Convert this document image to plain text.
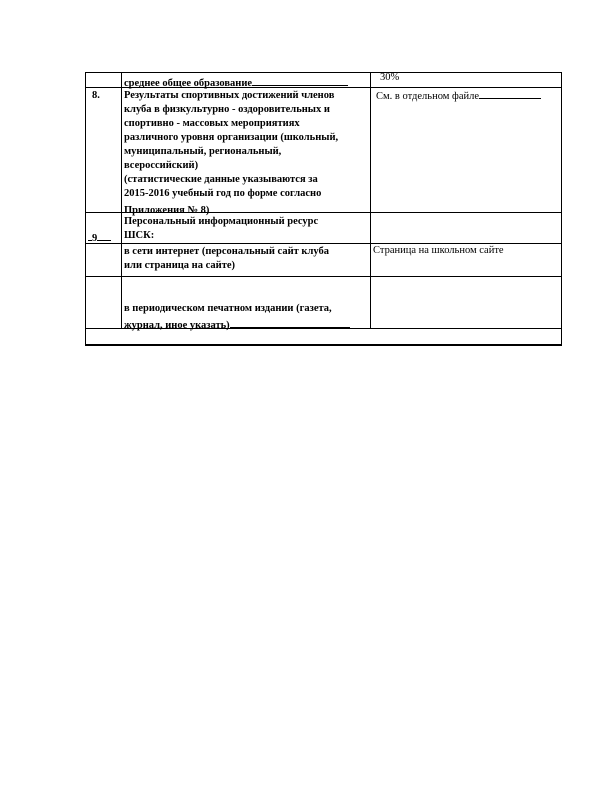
среднее общее образование
30%
8. Результаты спортивных достижений членов
клуба в физкультурно - оздоровительных и
спортивно - массовых мероприятиях
различного уровня организации (школьный,
муниципальный, региональный,
всероссийский)
(статистические данные указываются за
2015-2016 учебный год по форме согласно
Приложения № 8)
См. в отдельном файле
9
Персональный информационный ресурс
ШСК:
в сети интернет (персональный сайт клуба
или страница на сайте)
Страница на школьном сайте
в периодическом печатном издании (газета,
журнал, иное указать)
